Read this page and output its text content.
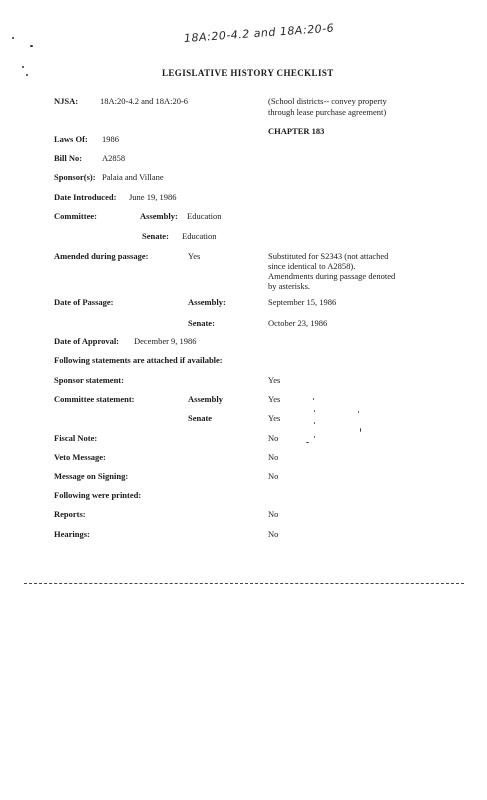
18A:20-4.2 and 18A:20-6
LEGISLATIVE HISTORY CHECKLIST
NJSA:	18A:20-4.2 and 18A:20-6	(School districts-- convey property
through lease purchase agreement)
CHAPTER 183
Laws Of: 1986
Bill No: A2858
Sponsor(s): Palaia and Villane
Date Introduced: June 19, 1986
Committee:	Assembly: Education
Senate: Education
Amended during passage:	Yes	Substituted for S2343 (not attached
since identical to A2858).
Amendments during passage denoted
by asterisks.
Date of Passage:	Assembly:	September 15, 1986
Senate:	October 23, 1986
Date of Approval: December 9, 1986
Following statements are attached if available:
Sponsor statement:	Yes
Committee statement:	Assembly	Yes
Senate	Yes
Fiscal Note:	No
Veto Message:	No
Message on Signing:	No
Following were printed:
Reports:	No
Hearings:	No
